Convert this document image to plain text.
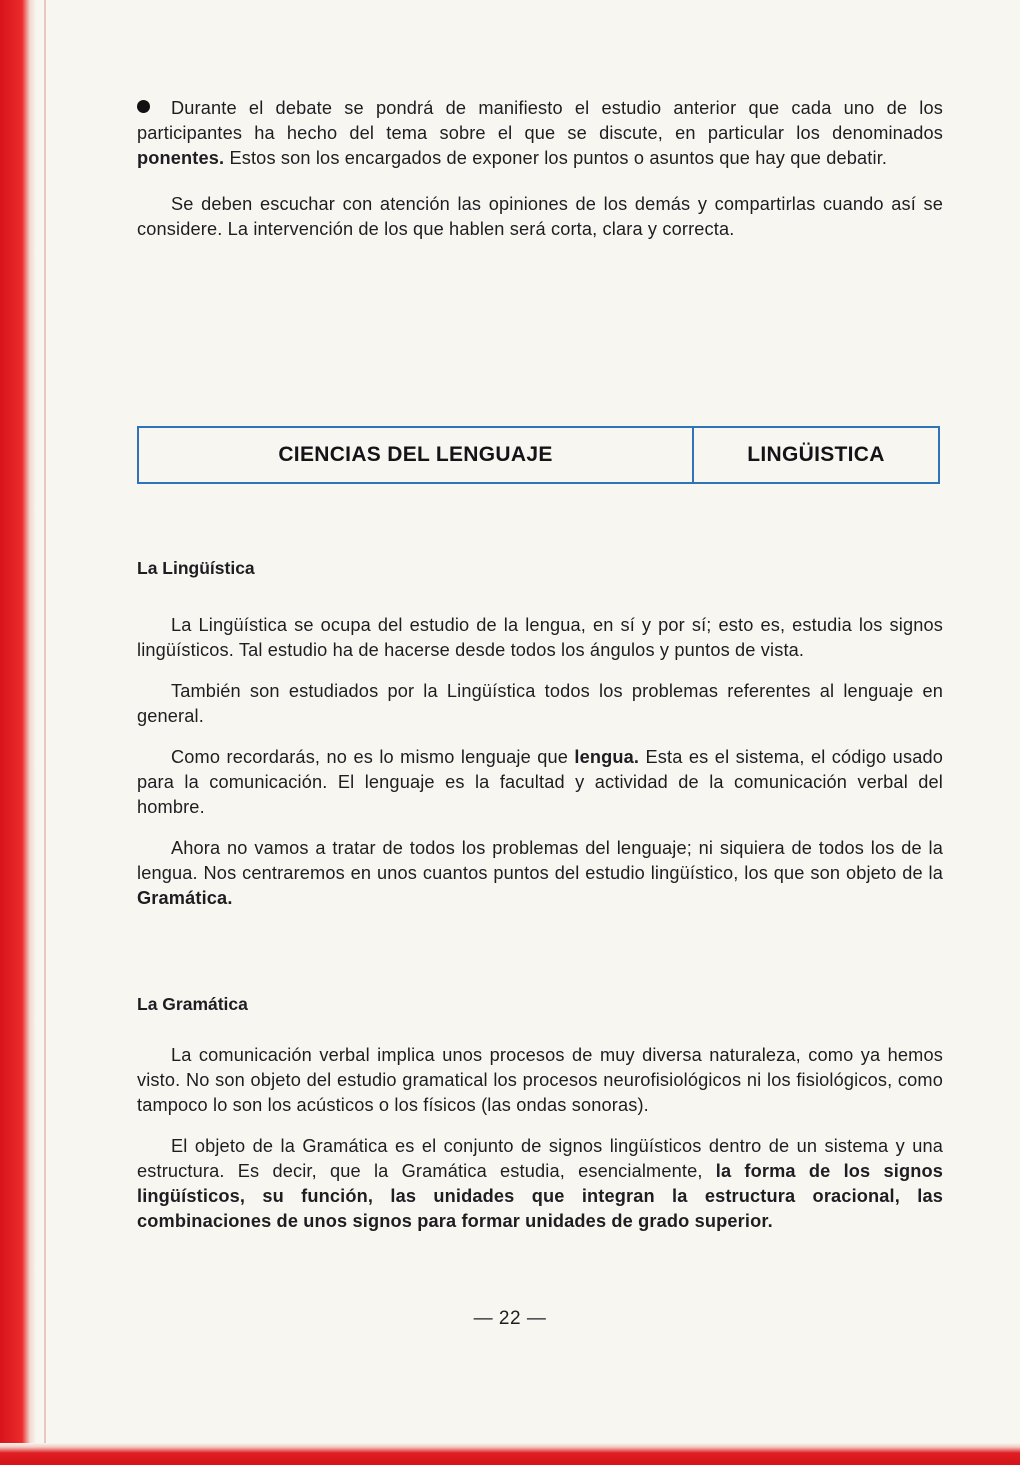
Durante el debate se pondrá de manifiesto el estudio anterior que cada uno de los participantes ha hecho del tema sobre el que se discute, en particular los denominados ponentes. Estos son los encargados de exponer los puntos o asuntos que hay que debatir.

Se deben escuchar con atención las opiniones de los demás y compartirlas cuando así se considere. La intervención de los que hablen será corta, clara y correcta.

CIENCIAS DEL LENGUAJE	LINGÜISTICA
La Lingüística

La Lingüística se ocupa del estudio de la lengua, en sí y por sí; esto es, estudia los signos lingüísticos. Tal estudio ha de hacerse desde todos los ángulos y puntos de vista.

También son estudiados por la Lingüística todos los problemas referentes al lenguaje en general.

Como recordarás, no es lo mismo lenguaje que lengua. Esta es el sistema, el código usado para la comunicación. El lenguaje es la facultad y actividad de la comunicación verbal del hombre.

Ahora no vamos a tratar de todos los problemas del lenguaje; ni siquiera de todos los de la lengua. Nos centraremos en unos cuantos puntos del estudio lingüístico, los que son objeto de la Gramática.

La Gramática

La comunicación verbal implica unos procesos de muy diversa naturaleza, como ya hemos visto. No son objeto del estudio gramatical los procesos neurofisiológicos ni los fisiológicos, como tampoco lo son los acústicos o los físicos (las ondas sonoras).

El objeto de la Gramática es el conjunto de signos lingüísticos dentro de un sistema y una estructura. Es decir, que la Gramática estudia, esencialmente, la forma de los signos lingüísticos, su función, las unidades que integran la estructura oracional, las combinaciones de unos signos para formar unidades de grado superior.

— 22 —
